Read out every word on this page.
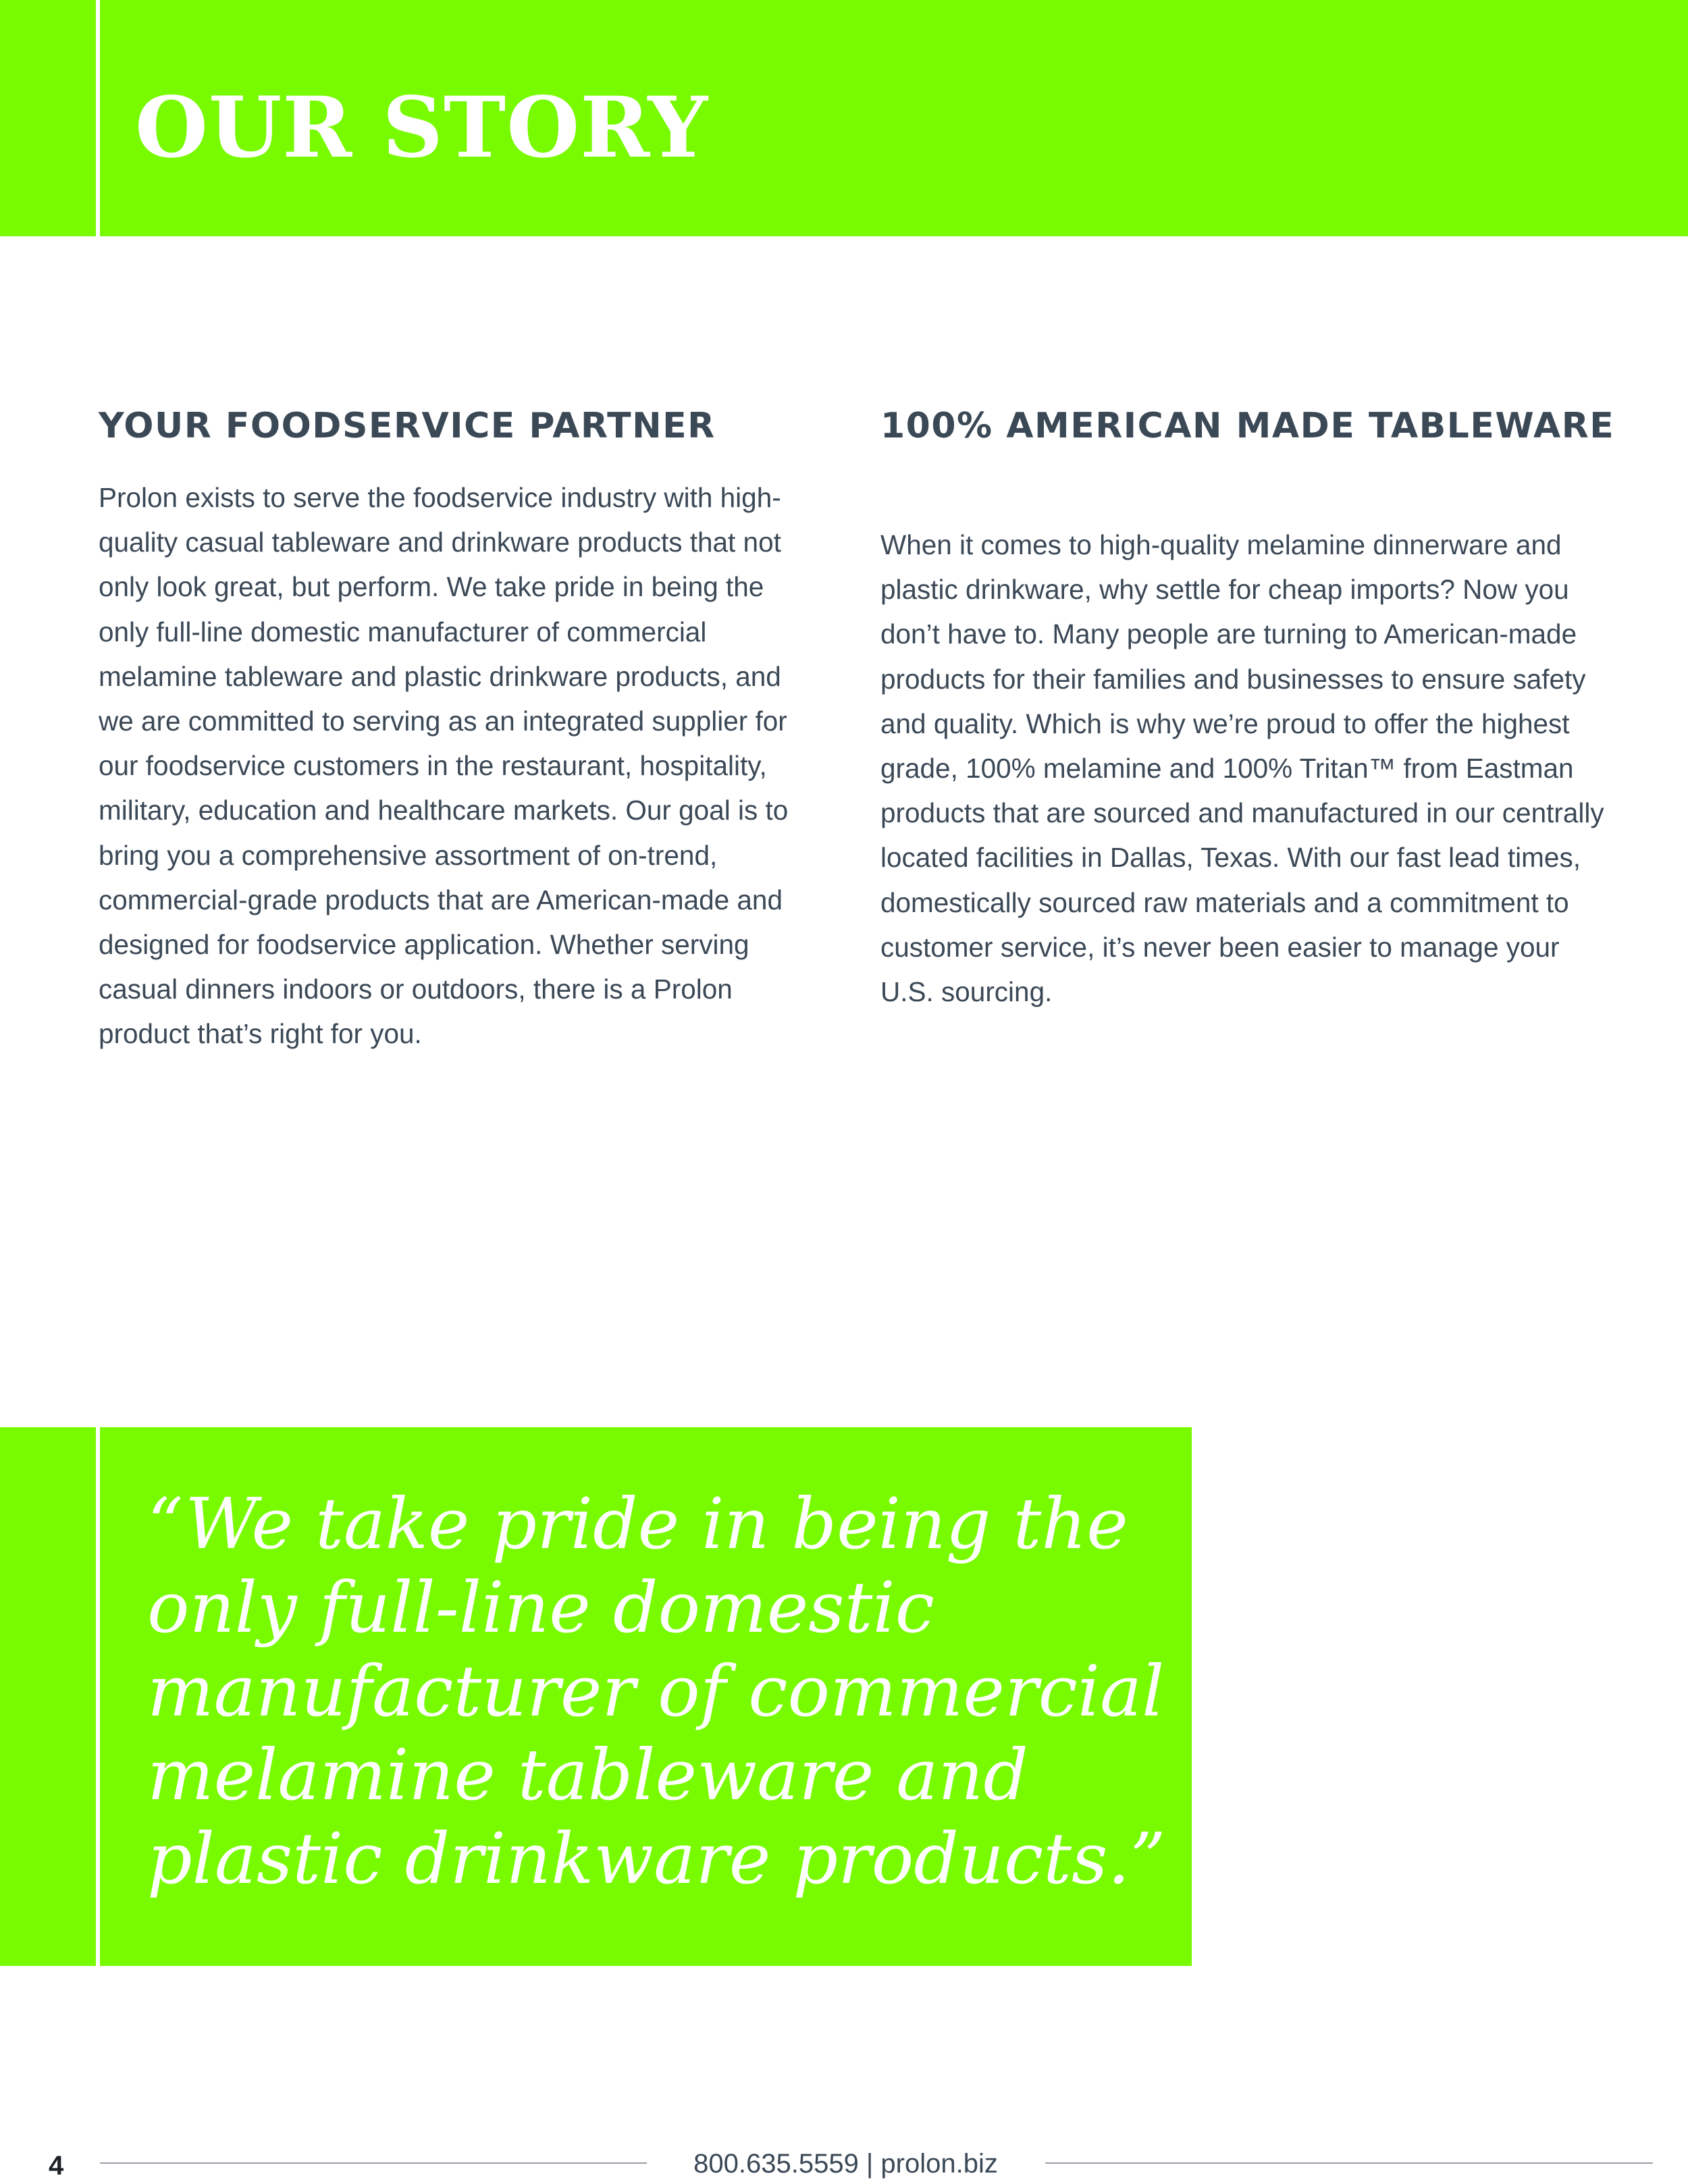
OUR STORY
YOUR FOODSERVICE PARTNER

Prolon exists to serve the foodservice industry with high-quality casual tableware and drinkware products that not only look great, but perform. We take pride in being the only full-line domestic manufacturer of commercial melamine tableware and plastic drinkware products, and we are committed to serving as an integrated supplier for our foodservice customers in the restaurant, hospitality, military, education and healthcare markets. Our goal is to bring you a comprehensive assortment of on-trend, commercial-grade products that are American-made and designed for foodservice application. Whether serving casual dinners indoors or outdoors, there is a Prolon product that’s right for you.

100% AMERICAN MADE TABLEWARE

When it comes to high-quality melamine dinnerware and plastic drinkware, why settle for cheap imports? Now you don’t have to. Many people are turning to American-made products for their families and businesses to ensure safety and quality. Which is why we’re proud to offer the highest grade, 100% melamine and 100% Tritan™ from Eastman products that are sourced and manufactured in our centrally located facilities in Dallas, Texas. With our fast lead times, domestically sourced raw materials and a commitment to customer service, it’s never been easier to manage your U.S. sourcing.

“We take pride in being the only full-line domestic manufacturer of commercial melamine tableware and plastic drinkware products.”

4	800.635.5559 | prolon.biz
